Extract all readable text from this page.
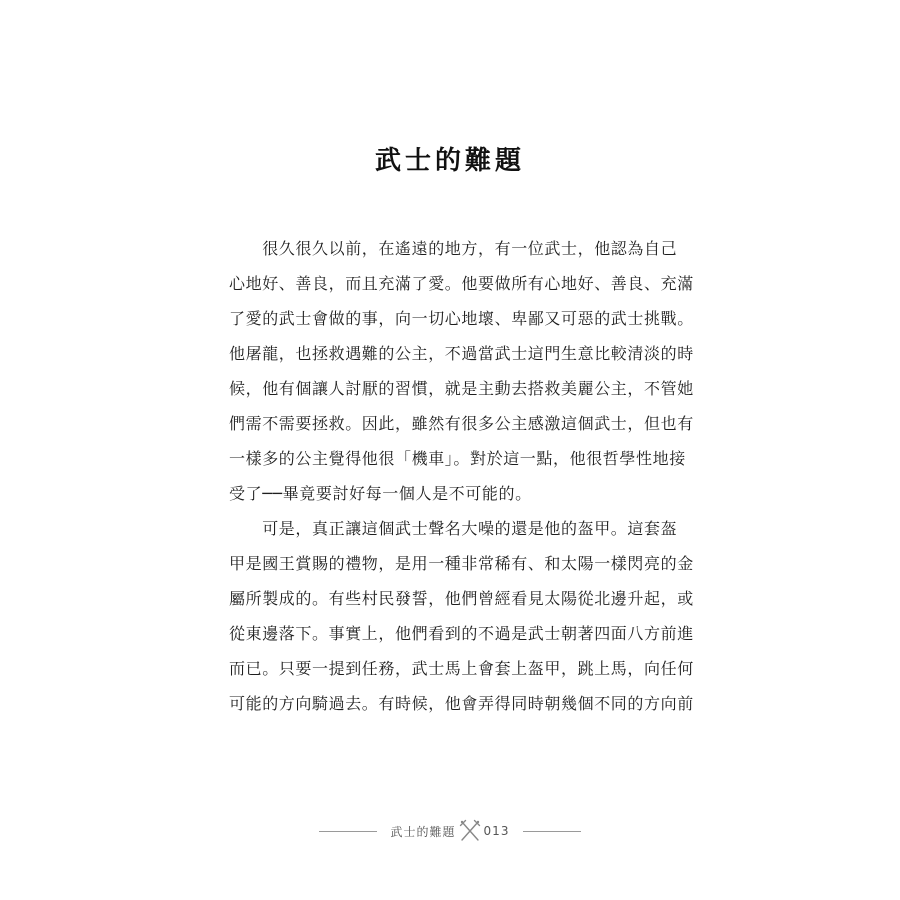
武士的難題
　　很久很久以前，在遙遠的地方，有一位武士，他認為自己
心地好、善良，而且充滿了愛。他要做所有心地好、善良、充滿
了愛的武士會做的事，向一切心地壞、卑鄙又可惡的武士挑戰。
他屠龍，也拯救遇難的公主，不過當武士這門生意比較清淡的時
候，他有個讓人討厭的習慣，就是主動去搭救美麗公主，不管她
們需不需要拯救。因此，雖然有很多公主感激這個武士，但也有
一樣多的公主覺得他很「機車」。對於這一點，他很哲學性地接
受了──畢竟要討好每一個人是不可能的。
　　可是，真正讓這個武士聲名大噪的還是他的盔甲。這套盔
甲是國王賞賜的禮物，是用一種非常稀有、和太陽一樣閃亮的金
屬所製成的。有些村民發誓，他們曾經看見太陽從北邊升起，或
從東邊落下。事實上，他們看到的不過是武士朝著四面八方前進
而已。只要一提到任務，武士馬上會套上盔甲，跳上馬，向任何
可能的方向騎過去。有時候，他會弄得同時朝幾個不同的方向前
武士的難題 013
